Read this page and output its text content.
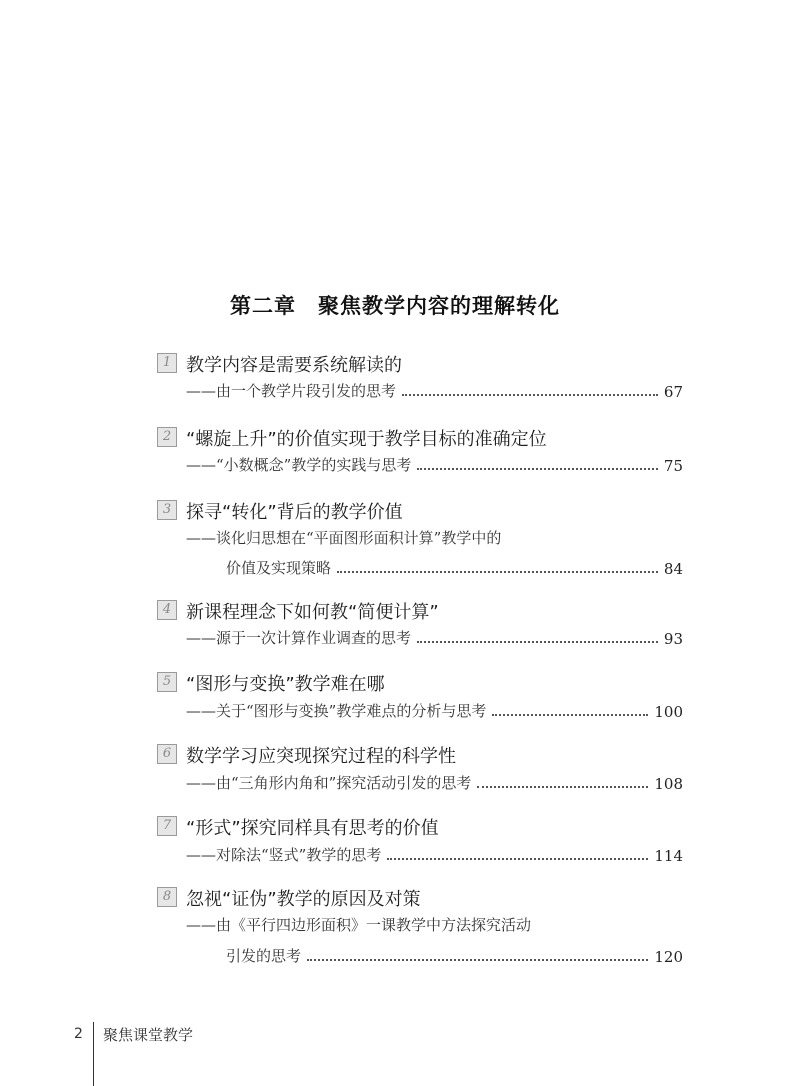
第二章　聚焦教学内容的理解转化
1 教学内容是需要系统解读的
——由一个教学片段引发的思考	67
2 “螺旋上升”的价值实现于教学目标的准确定位
——“小数概念”教学的实践与思考	75
3 探寻“转化”背后的教学价值
——谈化归思想在“平面图形面积计算”教学中的
价值及实现策略	84
4 新课程理念下如何教“简便计算”
——源于一次计算作业调查的思考	93
5 “图形与变换”教学难在哪
——关于“图形与变换”教学难点的分析与思考	100
6 数学学习应突现探究过程的科学性
——由“三角形内角和”探究活动引发的思考	108
7 “形式”探究同样具有思考的价值
——对除法“竖式”教学的思考	114
8 忽视“证伪”教学的原因及对策
——由《平行四边形面积》一课教学中方法探究活动
引发的思考	120
2 聚焦课堂教学
